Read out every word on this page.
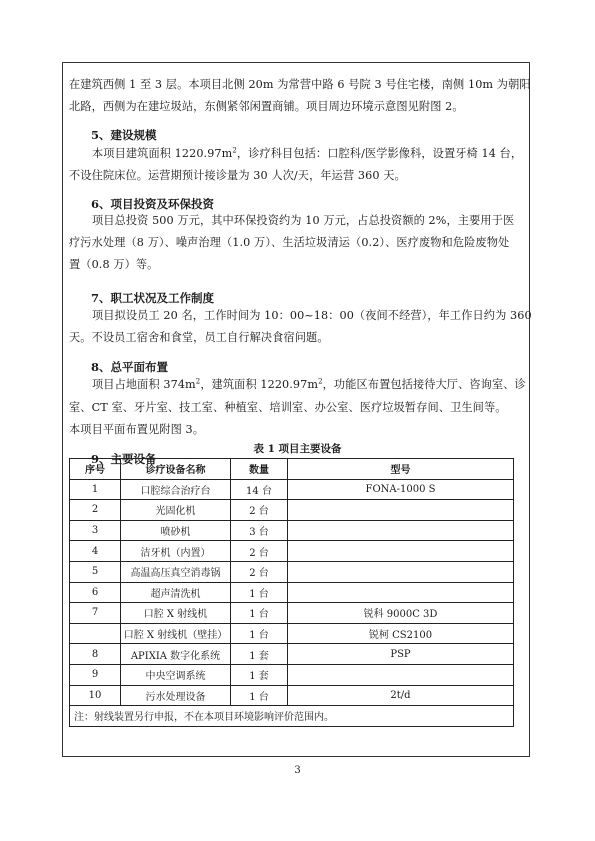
在建筑西侧 1 至 3 层。本项目北侧 20m 为常营中路 6 号院 3 号住宅楼，南侧 10m 为朝阳

北路，西侧为在建垃圾站，东侧紧邻闲置商铺。项目周边环境示意图见附图 2。

5、建设规模

本项目建筑面积 $1220.97m^2$，诊疗科目包括：口腔科/医学影像科，设置牙椅 14 台，

不设住院床位。运营期预计接诊量为 30 人次/天，年运营 360 天。

6、项目投资及环保投资

项目总投资 500 万元，其中环保投资约为 10 万元，占总投资额的 2%，主要用于医

疗污水处理（8 万）、噪声治理（1.0 万）、生活垃圾清运（0.2）、医疗废物和危险废物处

置（0.8 万）等。

7、职工状况及工作制度

项目拟设员工 20 名，工作时间为 10：00~18：00（夜间不经营），年工作日约为 360

天。不设员工宿舍和食堂，员工自行解决食宿问题。

8、总平面布置

项目占地面积 $374m^2$，建筑面积 $1220.97m^2$，功能区布置包括接待大厅、咨询室、诊

室、CT 室、牙片室、技工室、种植室、培训室、办公室、医疗垃圾暂存间、卫生间等。

本项目平面布置见附图 3。

9、主要设备

表 1 项目主要设备
序号	诊疗设备名称	数量	型号
1	口腔综合治疗台	14 台	FONA-1000 S
2	光固化机	2 台	
3	喷砂机	3 台	
4	洁牙机（内置）	2 台	
5	高温高压真空消毒锅	2 台	
6	超声清洗机	1 台	
7	口腔 X 射线机	1 台	锐科 9000C 3D
	口腔 X 射线机（壁挂）	1 台	锐柯 CS2100
8	APIXIA 数字化系统	1 套	PSP
9	中央空调系统	1 套	
10	污水处理设备	1 台	2t/d
注：射线装置另行申报，不在本项目环境影响评价范围内。			
3
